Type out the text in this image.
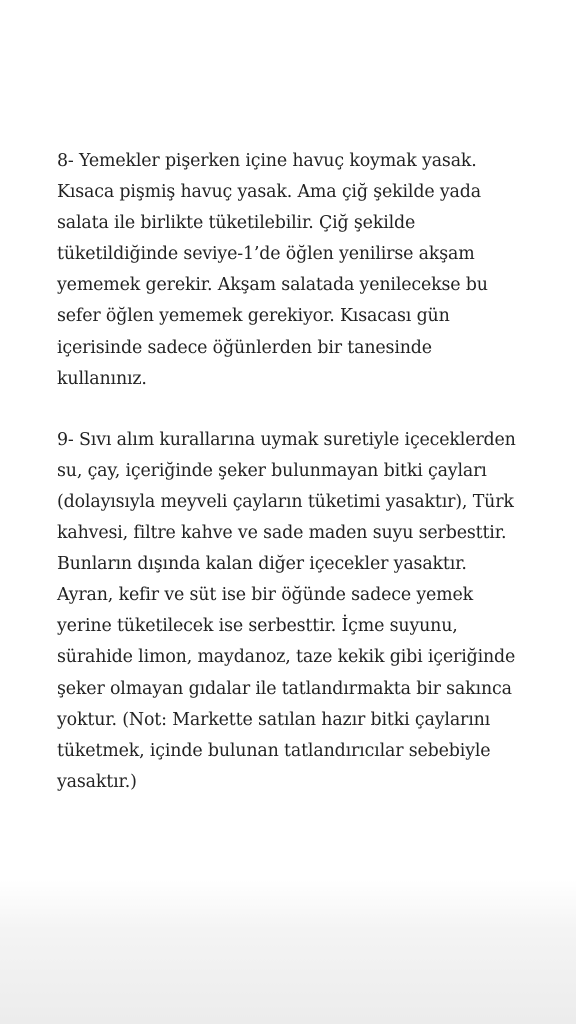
8- Yemekler pişerken içine havuç koymak yasak.
Kısaca pişmiş havuç yasak. Ama çiğ şekilde yada
salata ile birlikte tüketilebilir. Çiğ şekilde
tüketildiğinde seviye-1’de öğlen yenilirse akşam
yememek gerekir. Akşam salatada yenilecekse bu
sefer öğlen yememek gerekiyor. Kısacası gün
içerisinde sadece öğünlerden bir tanesinde
kullanınız.

9- Sıvı alım kurallarına uymak suretiyle içeceklerden
su, çay, içeriğinde şeker bulunmayan bitki çayları
(dolayısıyla meyveli çayların tüketimi yasaktır), Türk
kahvesi, filtre kahve ve sade maden suyu serbesttir.
Bunların dışında kalan diğer içecekler yasaktır.
Ayran, kefir ve süt ise bir öğünde sadece yemek
yerine tüketilecek ise serbesttir. İçme suyunu,
sürahide limon, maydanoz, taze kekik gibi içeriğinde
şeker olmayan gıdalar ile tatlandırmakta bir sakınca
yoktur. (Not: Markette satılan hazır bitki çaylarını
tüketmek, içinde bulunan tatlandırıcılar sebebiyle
yasaktır.)
